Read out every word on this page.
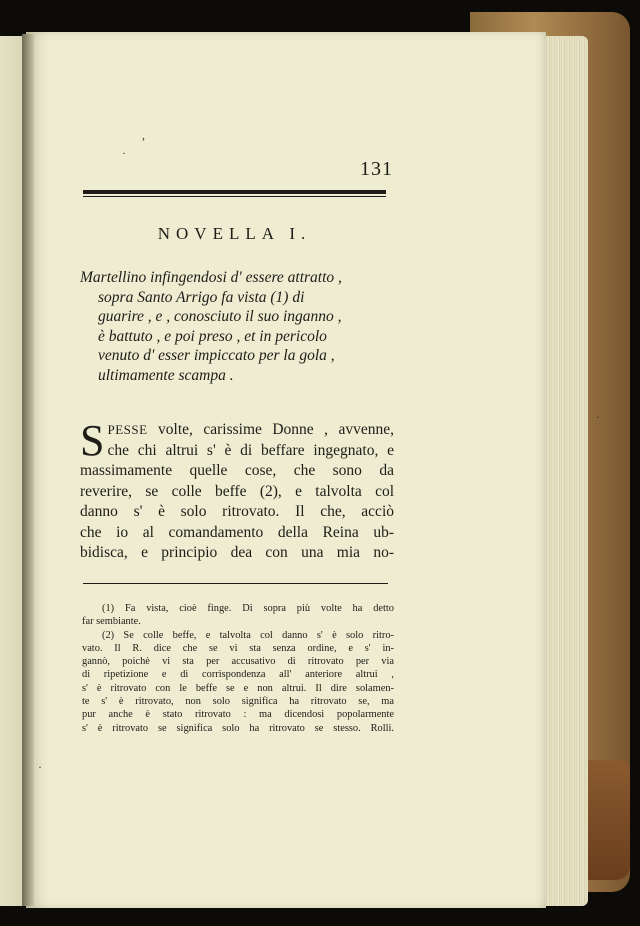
,
·
131
NOVELLA I.
Martellino infingendosi d' essere attratto ,
sopra Santo Arrigo fa vista (1) di
guarire , e , conosciuto il suo inganno ,
è battuto , e poi preso , et in pericolo
venuto d' esser impiccato per la gola ,
ultimamente scampa .
S PESSE volte, carissime Donne , avvenne,
che chi altrui s' è di beffare ingegnato, e
massimamente quelle cose, che sono da
reverire, se colle beffe (2), e talvolta col
danno s' è solo ritrovato. Il che, acciò
che io al comandamento della Reina ub-
bidisca, e principio dea con una mia no-
(1) Fa vista, cioè finge. Di sopra più volte ha detto
far sembiante.
(2) Se colle beffe, e talvolta col danno s' è solo ritro-
vato. Il R. dice che se vi sta senza ordine, e s' in-
gannò, poichè vi sta per accusativo di ritrovato per via
di ripetizione e di corrispondenza all' anteriore altrui ,
s' è ritrovato con le beffe se e non altrui. Il dire solamen-
te s' è ritrovato, non solo significa ha ritrovato se, ma
pur anche è stato ritrovato : ma dicendosi popolarmente
s' è ritrovato se significa solo ha ritrovato se stesso. Rolli.
·
·
